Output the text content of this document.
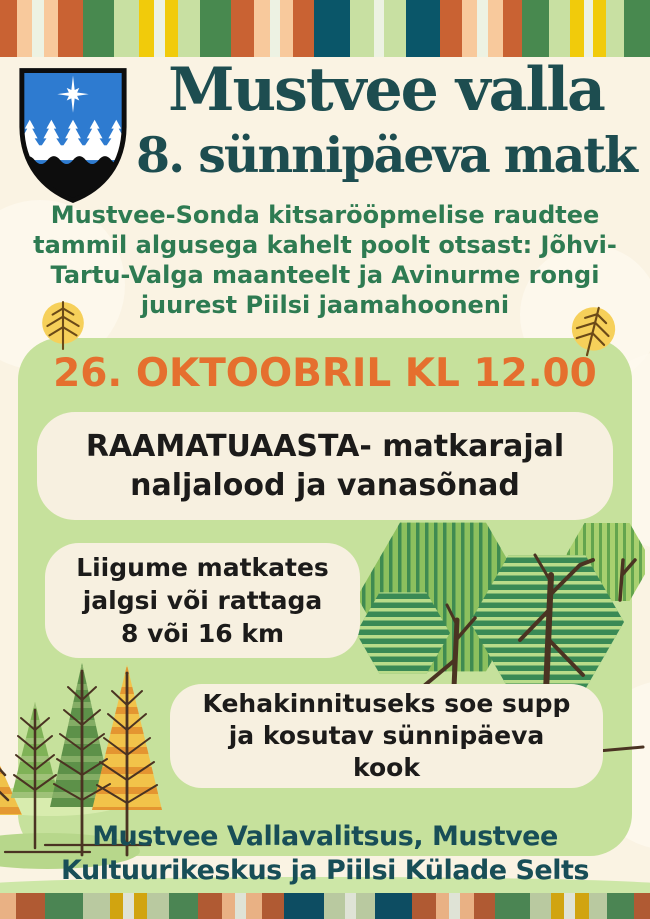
Mustvee valla
8. sünnipäeva matk
Mustvee-Sonda kitsarööpmelise raudtee
tammil algusega kahelt poolt otsast: Jõhvi-
Tartu-Valga maanteelt ja Avinurme rongi
juurest Piilsi jaamahooneni
26. OKTOOBRIL KL 12.00
RAAMATUAASTA- matkarajal
naljalood ja vanasõnad
Liigume matkates
jalgsi või rattaga
8 või 16 km
Kehakinnituseks soe supp
ja kosutav sünnipäeva
kook
Mustvee Vallavalitsus, Mustvee
Kultuurikeskus ja Piilsi Külade Selts
